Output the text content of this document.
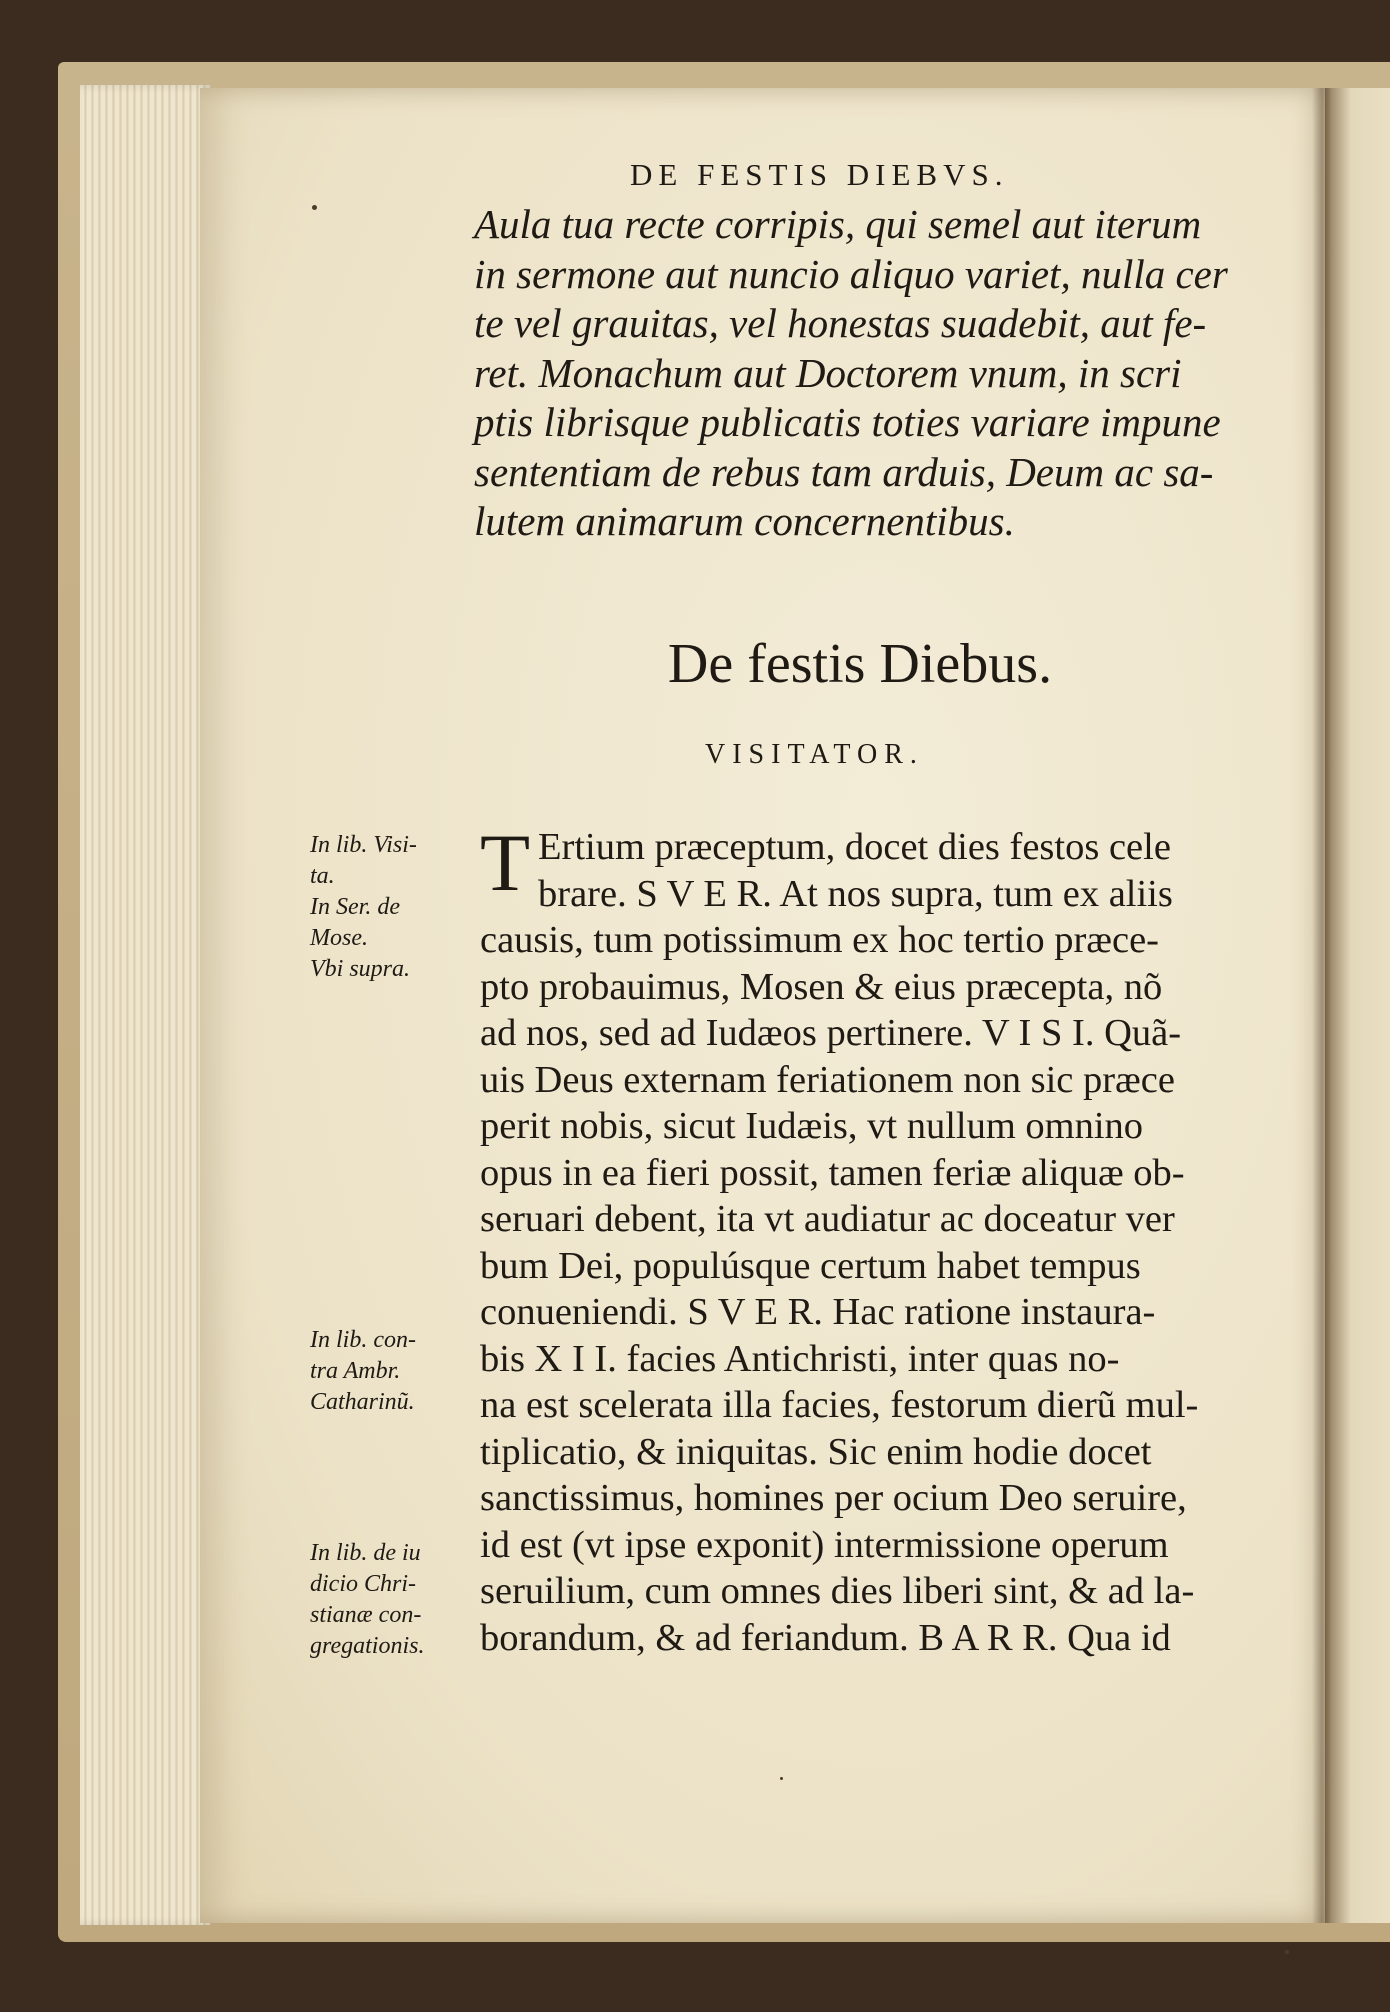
DE FESTIS DIEBVS.
Aula tua recte corripis, qui semel aut iterum
in sermone aut nuncio aliquo variet, nulla cer
te vel grauitas, vel honestas suadebit, aut fe-
ret. Monachum aut Doctorem vnum, in scri
ptis librisque publicatis toties variare impune
sententiam de rebus tam arduis, Deum ac sa-
lutem animarum concernentibus.
De festis Diebus.
VISITATOR.
T Ertium præceptum, docet dies festos cele
brare. S V E R. At nos supra, tum ex aliis
causis, tum potissimum ex hoc tertio præce-
pto probauimus, Mosen & eius præcepta, nõ
ad nos, sed ad Iudæos pertinere. V I S I. Quã-
uis Deus externam feriationem non sic præce
perit nobis, sicut Iudæis, vt nullum omnino
opus in ea fieri possit, tamen feriæ aliquæ ob-
seruari debent, ita vt audiatur ac doceatur ver
bum Dei, populúsque certum habet tempus
conueniendi. S V E R. Hac ratione instaura-
bis X I I. facies Antichristi, inter quas no-
na est scelerata illa facies, festorum dierũ mul-
tiplicatio, & iniquitas. Sic enim hodie docet
sanctissimus, homines per ocium Deo seruire,
id est (vt ipse exponit) intermissione operum
seruilium, cum omnes dies liberi sint, & ad la-
borandum, & ad feriandum. B A R R. Qua id
In lib. Visi-
ta.
In Ser. de
Mose.
Vbi supra.
In lib. con-
tra Ambr.
Catharinũ.
In lib. de iu
dicio Chri-
stianæ con-
gregationis.
